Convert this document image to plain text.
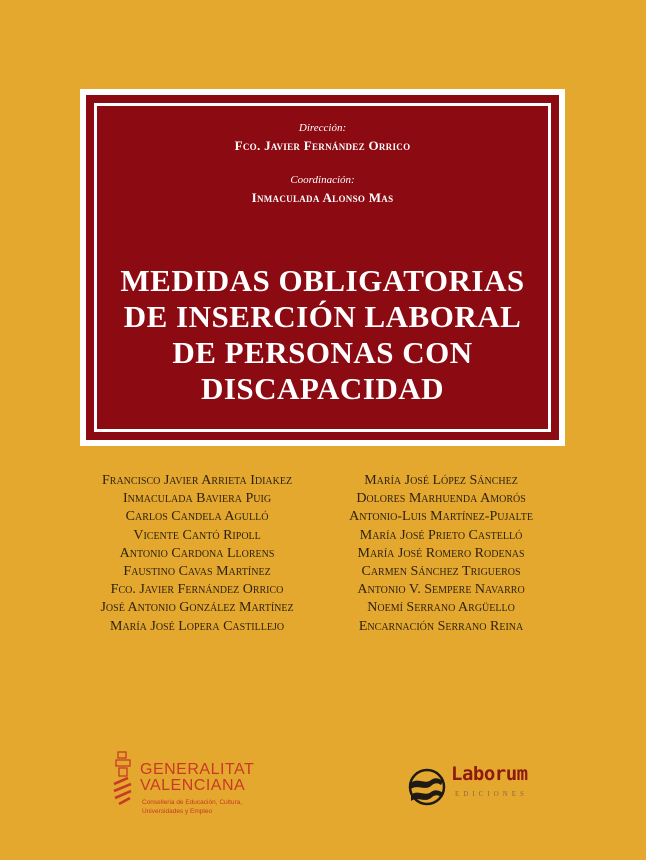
Dirección:
Fco. Javier Fernández Orrico
Coordinación:
Inmaculada Alonso Mas
MEDIDAS OBLIGATORIAS
DE INSERCIÓN LABORAL
DE PERSONAS CON
DISCAPACIDAD
Francisco Javier Arrieta Idiakez
Inmaculada Baviera Puig
Carlos Candela Agulló
Vicente Cantó Ripoll
Antonio Cardona Llorens
Faustino Cavas Martínez
Fco. Javier Fernández Orrico
José Antonio González Martínez
María José Lopera Castillejo
María José López Sánchez
Dolores Marhuenda Amorós
Antonio-Luis Martínez-Pujalte
María José Prieto Castelló
María José Romero Rodenas
Carmen Sánchez Trigueros
Antonio V. Sempere Navarro
Noemí Serrano Argüello
Encarnación Serrano Reina
GENERALITAT
VALENCIANA
Conselleria de Educación, Cultura,
Universidades y Empleo
Laborum
EDICIONES
